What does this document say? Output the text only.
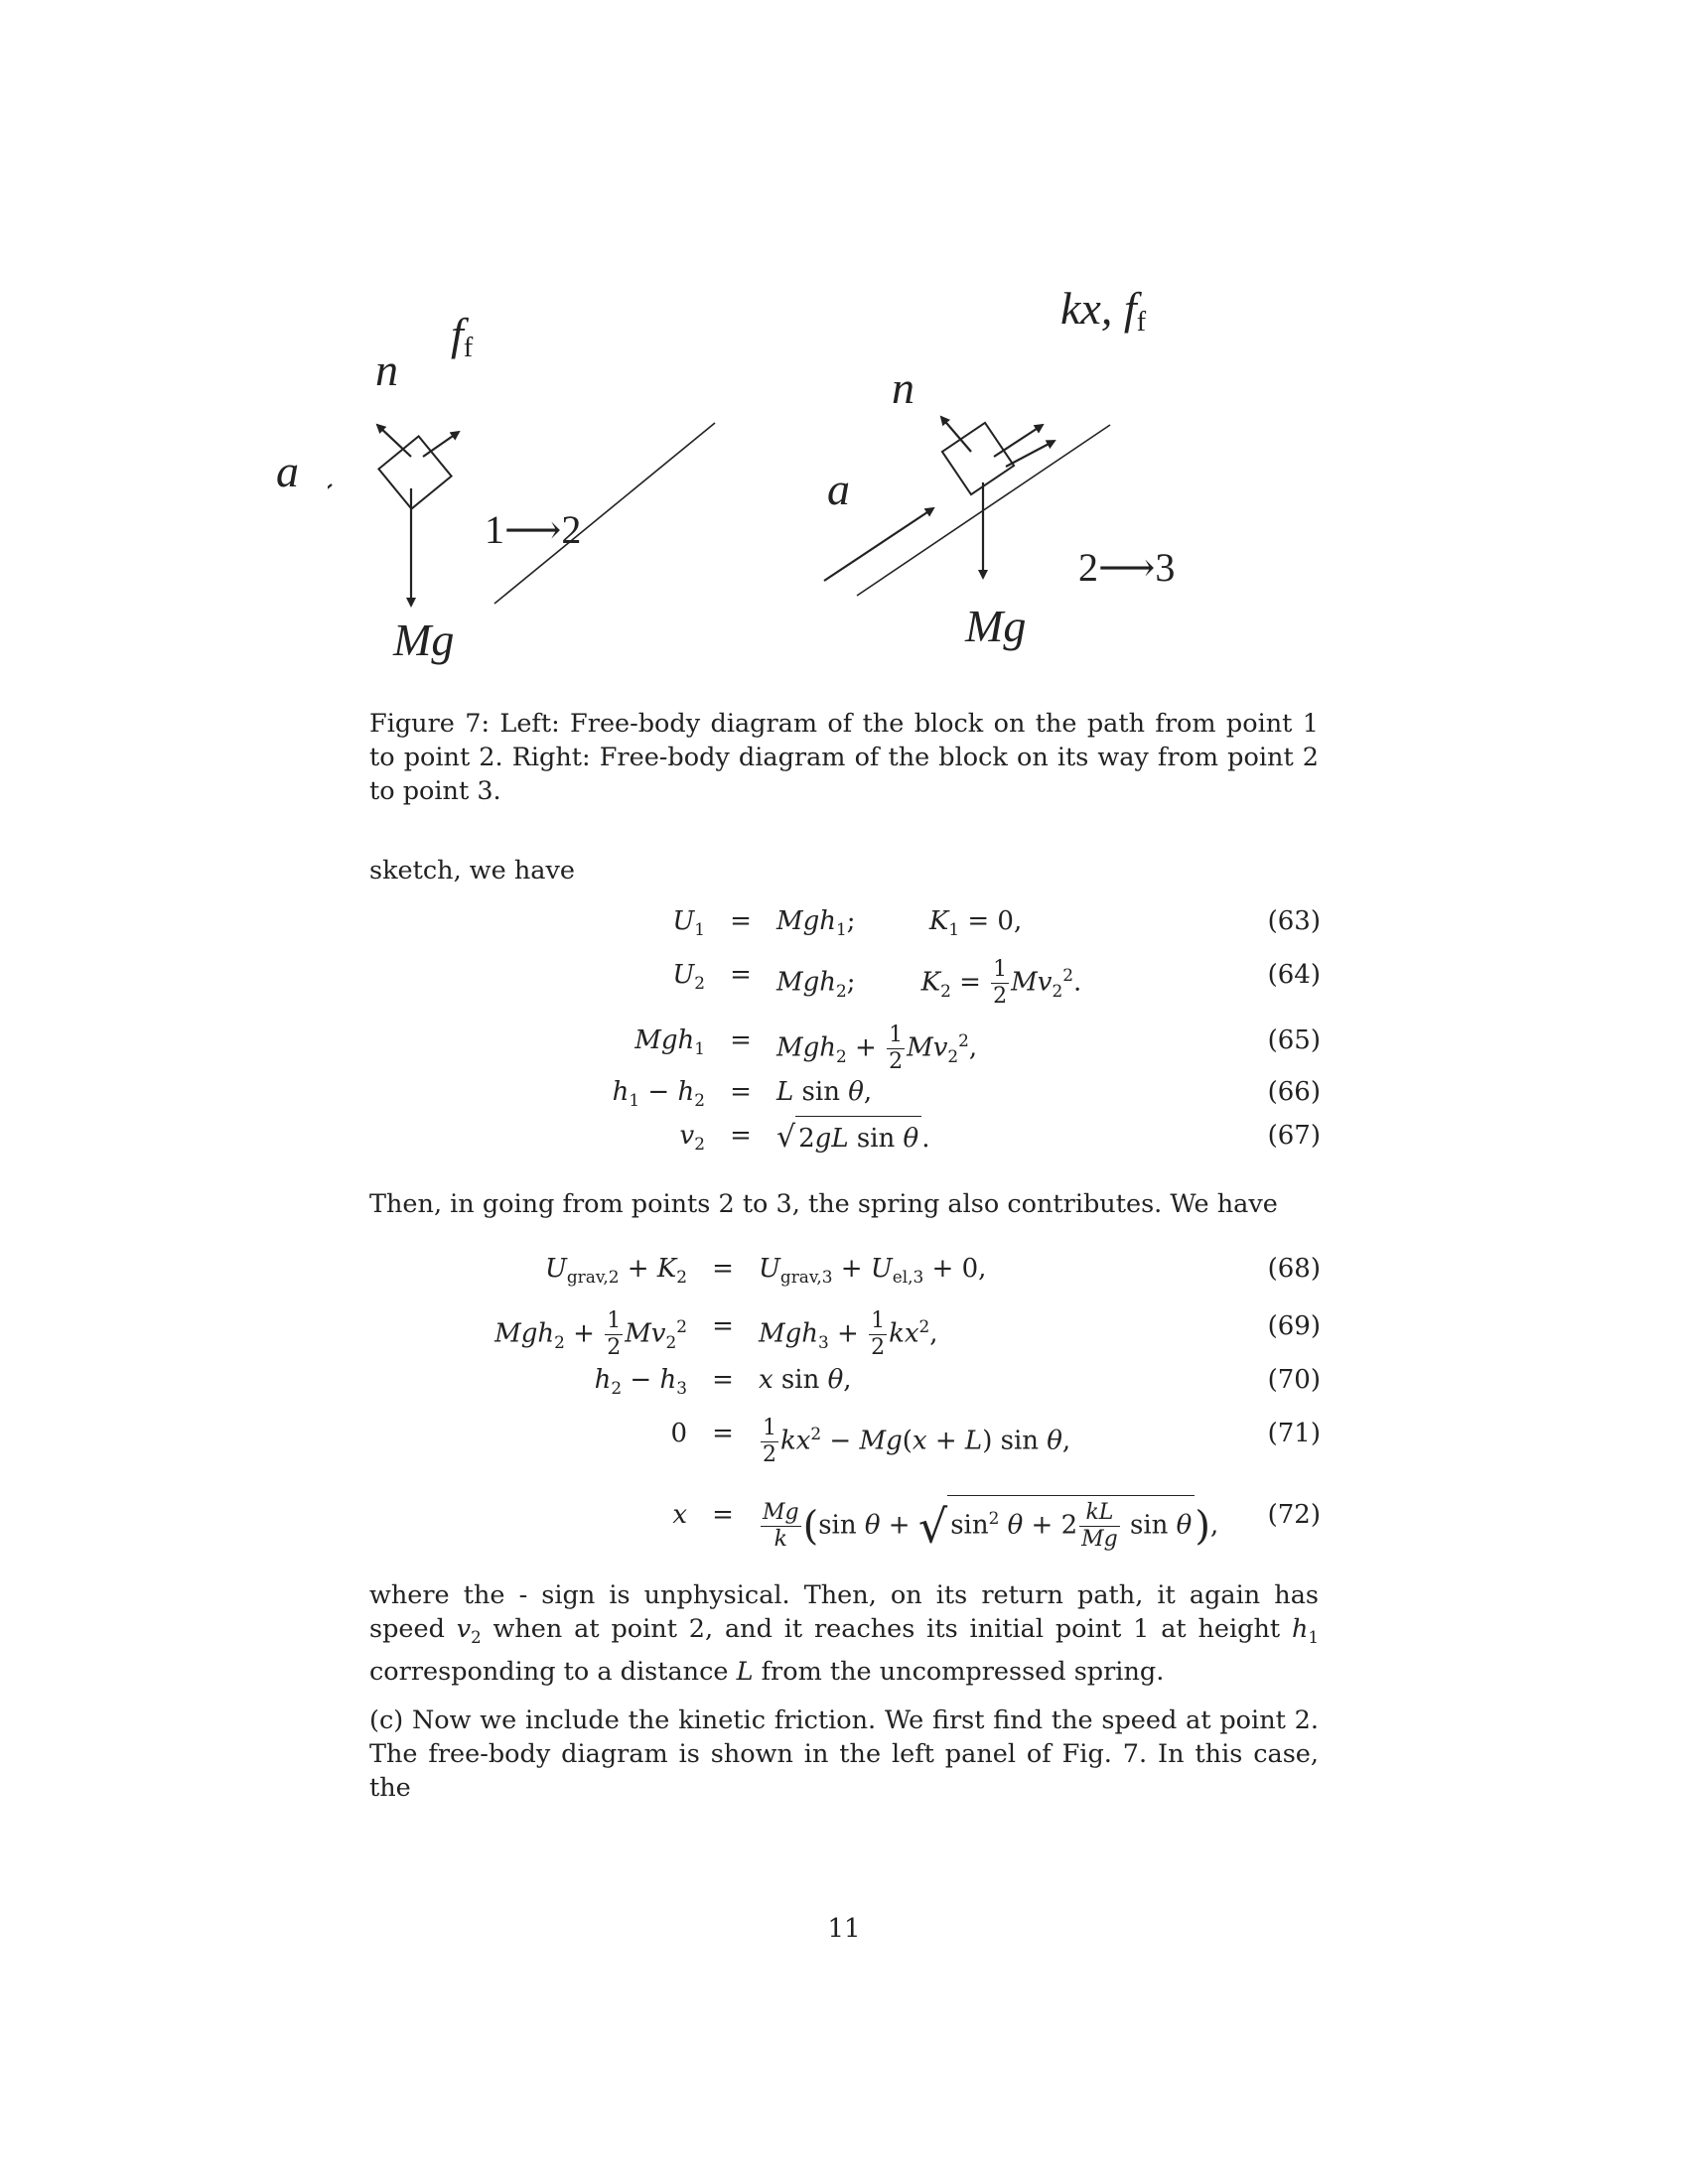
n
a
$f_f$
Mg
1⟶2
n
a
kx, $f_f$
Mg
2⟶3
Figure 7: Left: Free-body diagram of the block on the path from point 1 to point 2. Right: Free-body diagram of the block on its way from point 2 to point 3.
sketch, we have
$U_1 = Mgh_1$;         $K_1 = 0$,	(63)
$U_2 = Mgh_2$;        $K_2 = \frac{1}{2} Mv_2^2$.	(64)
$Mgh_1 = Mgh_2 + \frac{1}{2} Mv_2^2$,	(65)
$h_1 - h_2 = L$ sin θ,	(66)
$v_2$ = √ 2gL sin θ .	(67)
Then, in going from points 2 to 3, the spring also contributes. We have
$U_{grav,2} + K_2 = U_{grav,3} + U_{el,3} + 0$,	(68)
$Mgh_2 + \frac{1}{2} Mv_2^2 = Mgh_3 + \frac{1}{2} kx^2$,	(69)
$h_2 - h_3 = x$ sin θ,	(70)
0 =	$\frac{1}{2} kx^2 - Mg(x + L)$ sin θ,	(71)
x =	$\frac{Mg}{k} (\sin$ θ + √ $\sin^2 \theta + 2 \frac{kL}{Mg}$ sin θ),	(72)
where the - sign is unphysical. Then, on its return path, it again has speed $v_2$ when at point 2, and it reaches its initial point 1 at height $h_1$ corresponding to a distance L from the uncompressed spring.
(c) Now we include the kinetic friction. We first find the speed at point 2. The free-body diagram is shown in the left panel of Fig. 7. In this case, the
11
